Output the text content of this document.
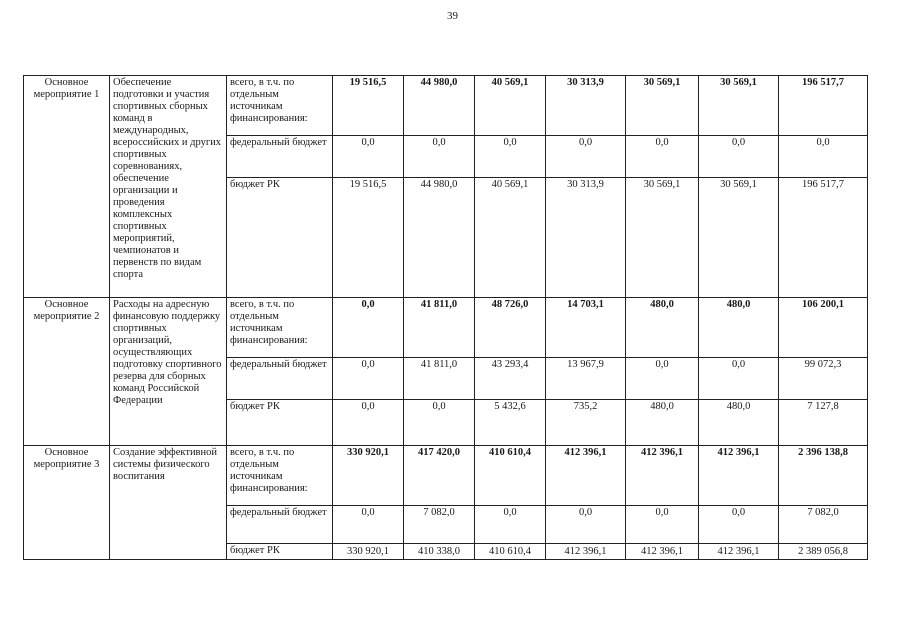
39
Основное мероприятие 1	Обеспечение подготовки и участия спортивных сборных команд в международных, всероссийских и других спортивных соревнованиях, обеспечение организации и проведения комплексных спортивных мероприятий, чемпионатов и первенств по видам спорта	всего, в т.ч. по отдельным источникам финансирования:	19 516,5	44 980,0	40 569,1	30 313,9	30 569,1	30 569,1	196 517,7
		федеральный бюджет	0,0	0,0	0,0	0,0	0,0	0,0	0,0
		бюджет РК	19 516,5	44 980,0	40 569,1	30 313,9	30 569,1	30 569,1	196 517,7
Основное мероприятие 2	Расходы на адресную финансовую поддержку спортивных организаций, осуществляющих подготовку спортивного резерва для сборных команд Российской Федерации	всего, в т.ч. по отдельным источникам финансирования:	0,0	41 811,0	48 726,0	14 703,1	480,0	480,0	106 200,1
		федеральный бюджет	0,0	41 811,0	43 293,4	13 967,9	0,0	0,0	99 072,3
		бюджет РК	0,0	0,0	5 432,6	735,2	480,0	480,0	7 127,8
Основное мероприятие 3	Создание эффективной системы физического воспитания	всего, в т.ч. по отдельным источникам финансирования:	330 920,1	417 420,0	410 610,4	412 396,1	412 396,1	412 396,1	2 396 138,8
		федеральный бюджет	0,0	7 082,0	0,0	0,0	0,0	0,0	7 082,0
		бюджет РК	330 920,1	410 338,0	410 610,4	412 396,1	412 396,1	412 396,1	2 389 056,8
